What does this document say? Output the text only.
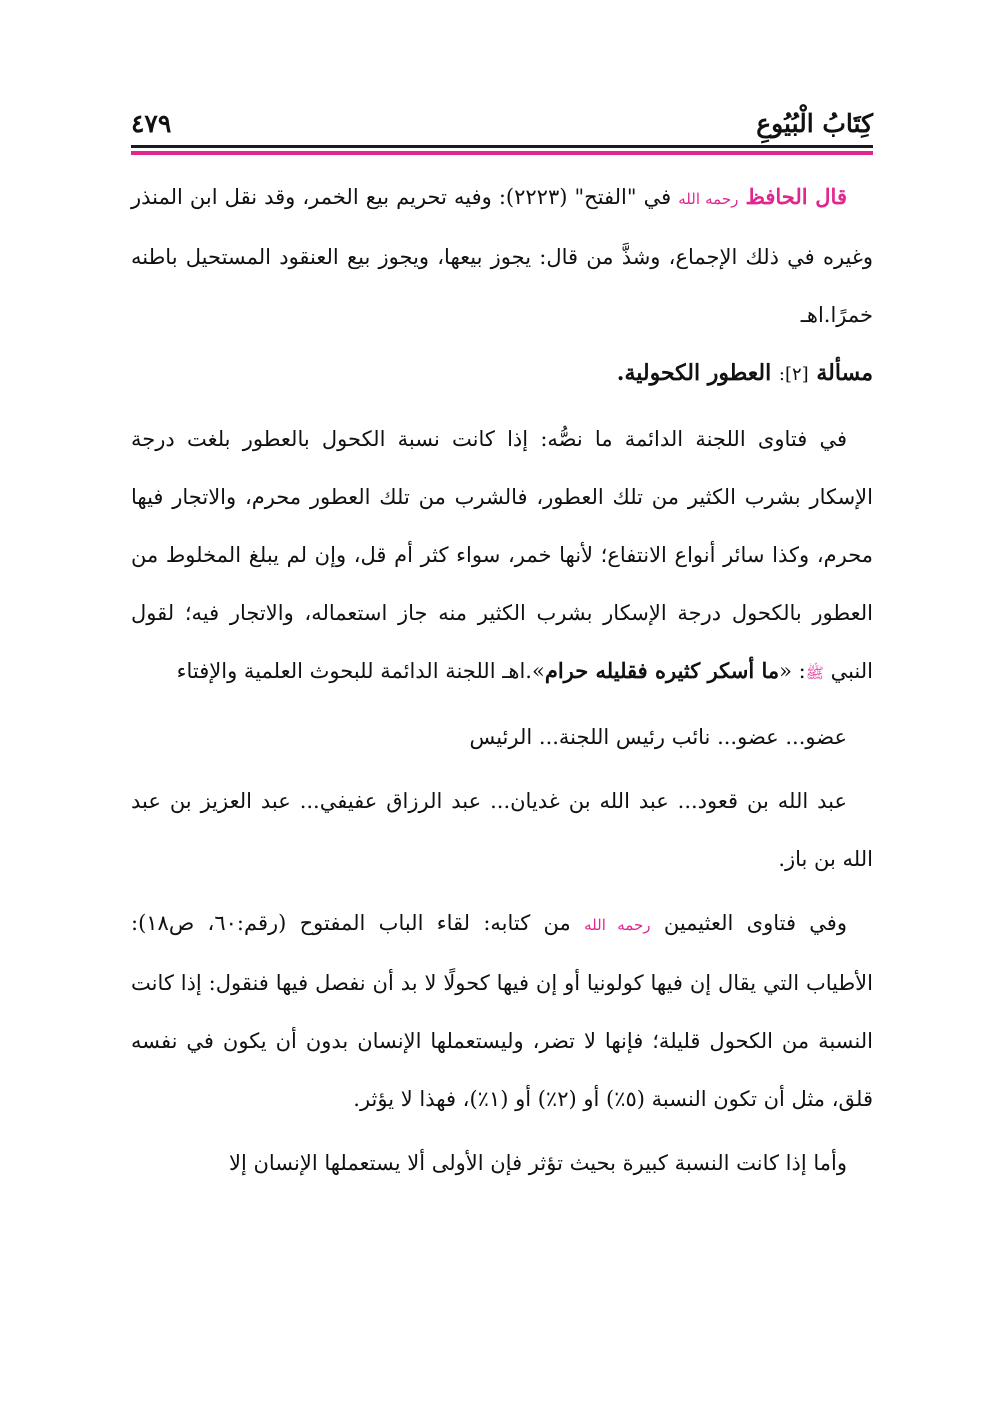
كِتَابُ الْبُيُوعِ
٤٧٩

قال الحافظ رحمه الله في "الفتح" (٢٢٢٣): وفيه تحريم بيع الخمر، وقد نقل ابن المنذر وغيره في ذلك الإجماع، وشذَّ من قال: يجوز بيعها، ويجوز بيع العنقود المستحيل باطنه خمرًا.اهـ

مسألة [٢]: العطور الكحولية.

في فتاوى اللجنة الدائمة ما نصُّه: إذا كانت نسبة الكحول بالعطور بلغت درجة الإسكار بشرب الكثير من تلك العطور، فالشرب من تلك العطور محرم، والاتجار فيها محرم، وكذا سائر أنواع الانتفاع؛ لأنها خمر، سواء كثر أم قل، وإن لم يبلغ المخلوط من العطور بالكحول درجة الإسكار بشرب الكثير منه جاز استعماله، والاتجار فيه؛ لقول النبي ﷺ: «ما أسكر كثيره فقليله حرام».اهـ اللجنة الدائمة للبحوث العلمية والإفتاء

عضو... عضو... نائب رئيس اللجنة... الرئيس

عبد الله بن قعود... عبد الله بن غديان... عبد الرزاق عفيفي... عبد العزيز بن عبد الله بن باز.

وفي فتاوى العثيمين رحمه الله من كتابه: لقاء الباب المفتوح (رقم:٦٠، ص١٨): الأطياب التي يقال إن فيها كولونيا أو إن فيها كحولًا لا بد أن نفصل فيها فنقول: إذا كانت النسبة من الكحول قليلة؛ فإنها لا تضر، وليستعملها الإنسان بدون أن يكون في نفسه قلق، مثل أن تكون النسبة (٥٪) أو (٢٪) أو (١٪)، فهذا لا يؤثر.

وأما إذا كانت النسبة كبيرة بحيث تؤثر فإن الأولى ألا يستعملها الإنسان إلا
